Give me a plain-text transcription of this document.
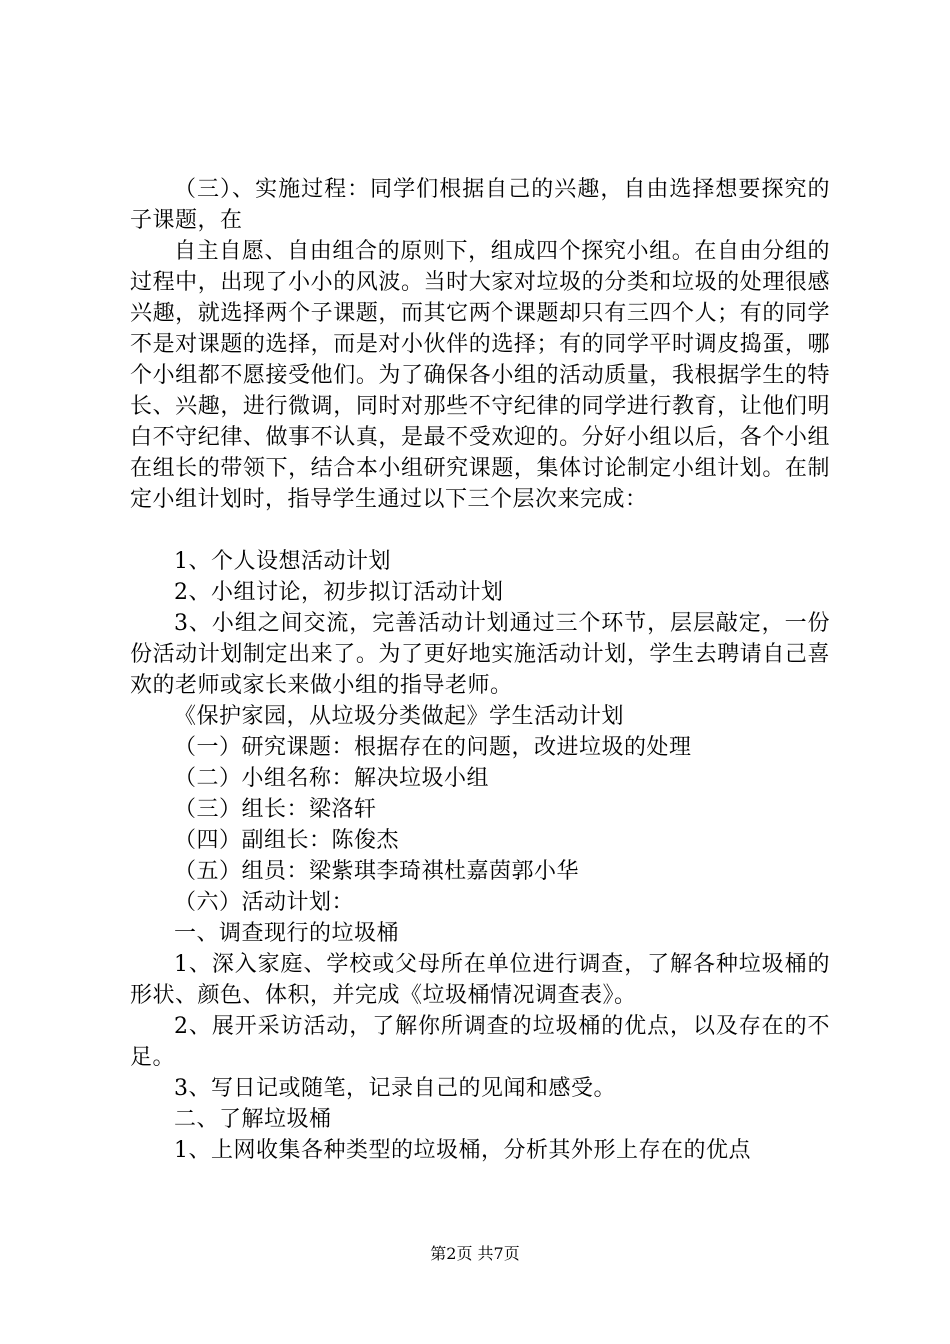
（三）、实施过程：同学们根据自己的兴趣，自由选择想要探究的子课题，在

自主自愿、自由组合的原则下，组成四个探究小组。在自由分组的过程中，出现了小小的风波。当时大家对垃圾的分类和垃圾的处理很感兴趣，就选择两个子课题，而其它两个课题却只有三四个人；有的同学不是对课题的选择，而是对小伙伴的选择；有的同学平时调皮捣蛋，哪个小组都不愿接受他们。为了确保各小组的活动质量，我根据学生的特长、兴趣，进行微调，同时对那些不守纪律的同学进行教育，让他们明白不守纪律、做事不认真，是最不受欢迎的。分好小组以后，各个小组在组长的带领下，结合本小组研究课题，集体讨论制定小组计划。在制定小组计划时，指导学生通过以下三个层次来完成：

1、个人设想活动计划

2、小组讨论，初步拟订活动计划

3、小组之间交流，完善活动计划通过三个环节，层层敲定，一份份活动计划制定出来了。为了更好地实施活动计划，学生去聘请自己喜欢的老师或家长来做小组的指导老师。

《保护家园，从垃圾分类做起》学生活动计划

（一）研究课题：根据存在的问题，改进垃圾的处理

（二）小组名称：解决垃圾小组

（三）组长：梁洛轩

（四）副组长：陈俊杰

（五）组员：梁紫琪李琦祺杜嘉茵郭小华

（六）活动计划：

一、调查现行的垃圾桶

1、深入家庭、学校或父母所在单位进行调查，了解各种垃圾桶的形状、颜色、体积，并完成《垃圾桶情况调查表》。

2、展开采访活动，了解你所调查的垃圾桶的优点，以及存在的不足。

3、写日记或随笔，记录自己的见闻和感受。

二、了解垃圾桶

1、上网收集各种类型的垃圾桶，分析其外形上存在的优点

第2页 共7页
